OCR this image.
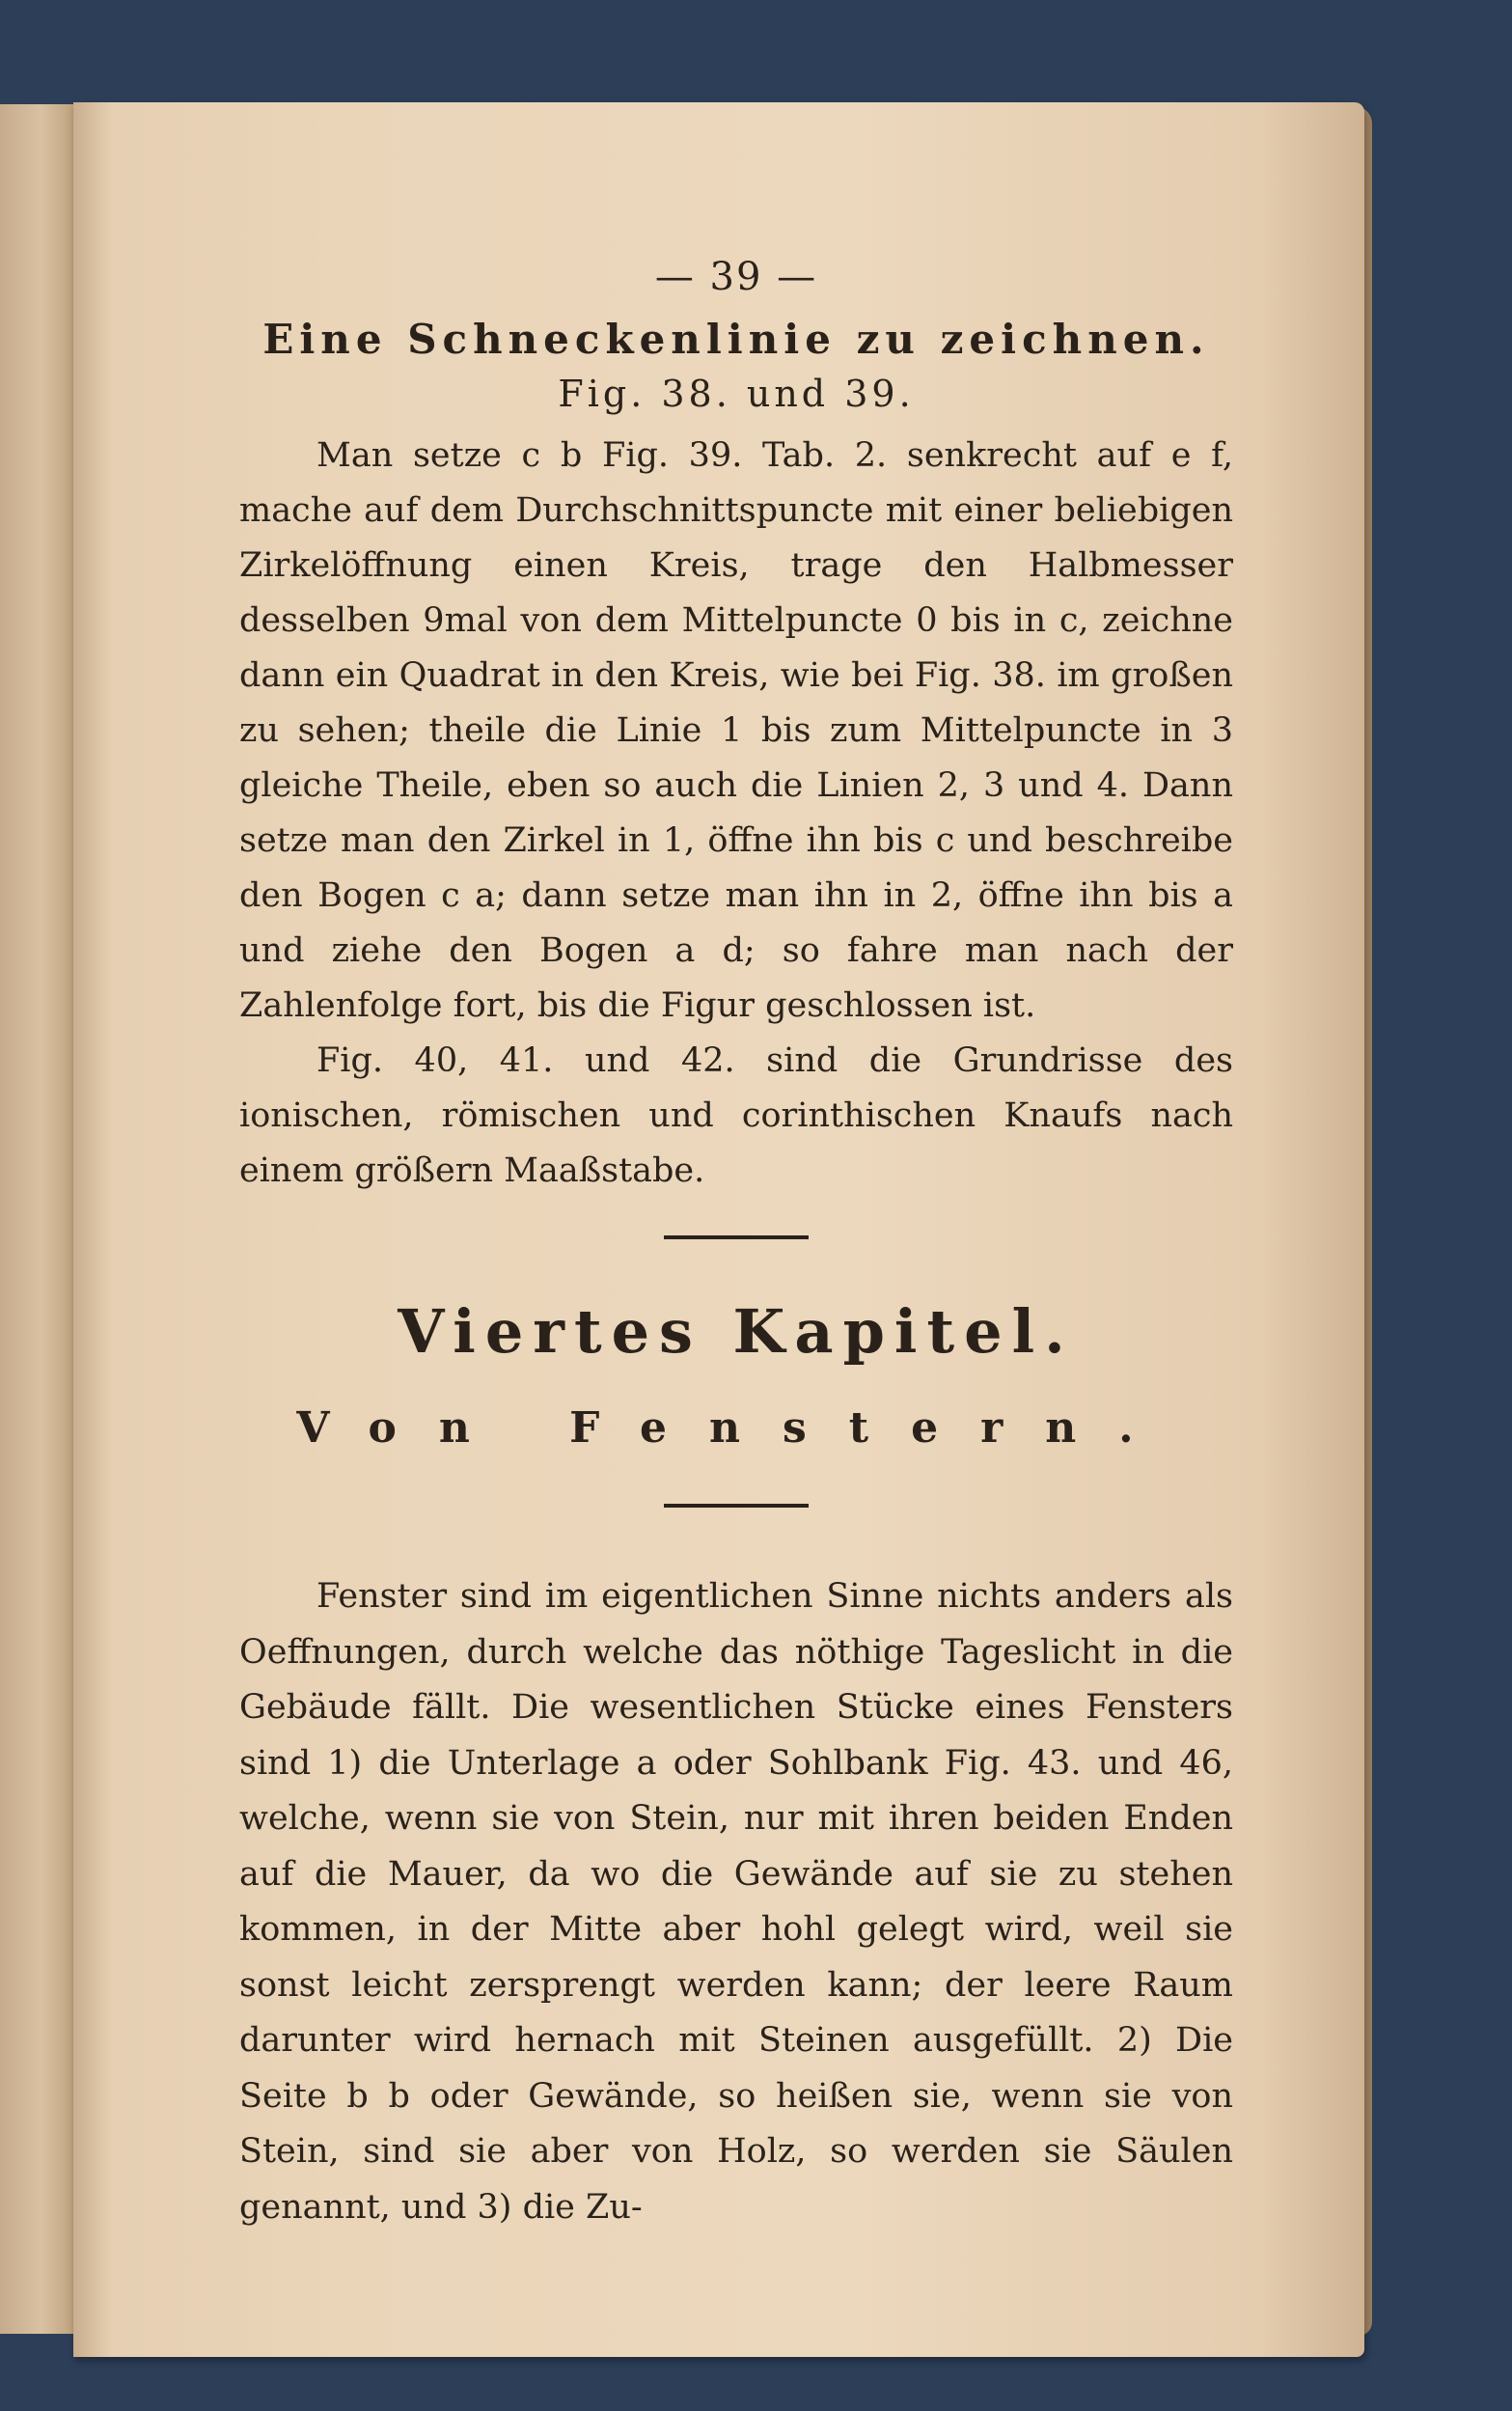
— 39 —
Eine Schneckenlinie zu zeichnen.
Fig. 38. und 39.

Man setze c b Fig. 39. Tab. 2. senkrecht auf e f, mache auf dem Durchschnittspuncte mit einer beliebigen Zirkelöffnung einen Kreis, trage den Halbmesser desselben 9mal von dem Mittelpuncte 0 bis in c, zeichne dann ein Quadrat in den Kreis, wie bei Fig. 38. im großen zu sehen; theile die Linie 1 bis zum Mittelpuncte in 3 gleiche Theile, eben so auch die Linien 2, 3 und 4. Dann setze man den Zirkel in 1, öffne ihn bis c und beschreibe den Bogen c a; dann setze man ihn in 2, öffne ihn bis a und ziehe den Bogen a d; so fahre man nach der Zahlenfolge fort, bis die Figur geschlossen ist.

Fig. 40, 41. und 42. sind die Grundrisse des ionischen, römischen und corinthischen Knaufs nach einem größern Maaßstabe.

Viertes Kapitel.
Von Fenstern.

Fenster sind im eigentlichen Sinne nichts anders als Oeffnungen, durch welche das nöthige Tageslicht in die Gebäude fällt. Die wesentlichen Stücke eines Fensters sind 1) die Unterlage a oder Sohlbank Fig. 43. und 46, welche, wenn sie von Stein, nur mit ihren beiden Enden auf die Mauer, da wo die Gewände auf sie zu stehen kommen, in der Mitte aber hohl gelegt wird, weil sie sonst leicht zersprengt werden kann; der leere Raum darunter wird hernach mit Steinen ausgefüllt. 2) Die Seite b b oder Gewände, so heißen sie, wenn sie von Stein, sind sie aber von Holz, so werden sie Säulen genannt, und 3) die Zu-
